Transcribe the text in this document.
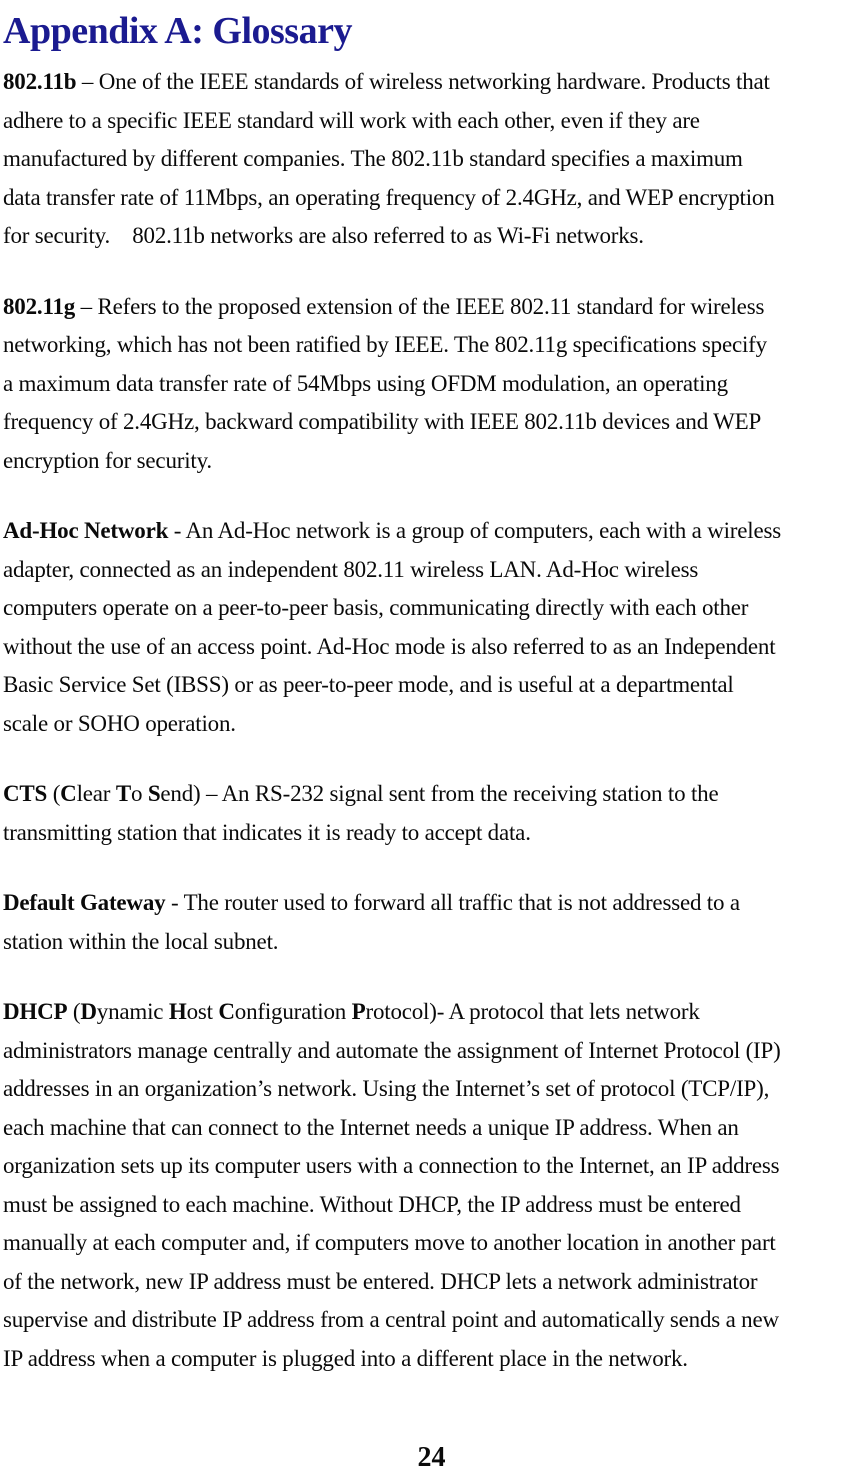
Appendix A: Glossary
802.11b – One of the IEEE standards of wireless networking hardware. Products that
adhere to a specific IEEE standard will work with each other, even if they are
manufactured by different companies. The 802.11b standard specifies a maximum
data transfer rate of 11Mbps, an operating frequency of 2.4GHz, and WEP encryption
for security.    802.11b networks are also referred to as Wi-Fi networks.
802.11g – Refers to the proposed extension of the IEEE 802.11 standard for wireless
networking, which has not been ratified by IEEE. The 802.11g specifications specify
a maximum data transfer rate of 54Mbps using OFDM modulation, an operating
frequency of 2.4GHz, backward compatibility with IEEE 802.11b devices and WEP
encryption for security.
Ad-Hoc Network - An Ad-Hoc network is a group of computers, each with a wireless
adapter, connected as an independent 802.11 wireless LAN. Ad-Hoc wireless
computers operate on a peer-to-peer basis, communicating directly with each other
without the use of an access point. Ad-Hoc mode is also referred to as an Independent
Basic Service Set (IBSS) or as peer-to-peer mode, and is useful at a departmental
scale or SOHO operation.
CTS (Clear To Send) – An RS-232 signal sent from the receiving station to the
transmitting station that indicates it is ready to accept data.
Default Gateway - The router used to forward all traffic that is not addressed to a
station within the local subnet.
DHCP (Dynamic Host Configuration Protocol)- A protocol that lets network
administrators manage centrally and automate the assignment of Internet Protocol (IP)
addresses in an organization’s network. Using the Internet’s set of protocol (TCP/IP),
each machine that can connect to the Internet needs a unique IP address. When an
organization sets up its computer users with a connection to the Internet, an IP address
must be assigned to each machine. Without DHCP, the IP address must be entered
manually at each computer and, if computers move to another location in another part
of the network, new IP address must be entered. DHCP lets a network administrator
supervise and distribute IP address from a central point and automatically sends a new
IP address when a computer is plugged into a different place in the network.
24
